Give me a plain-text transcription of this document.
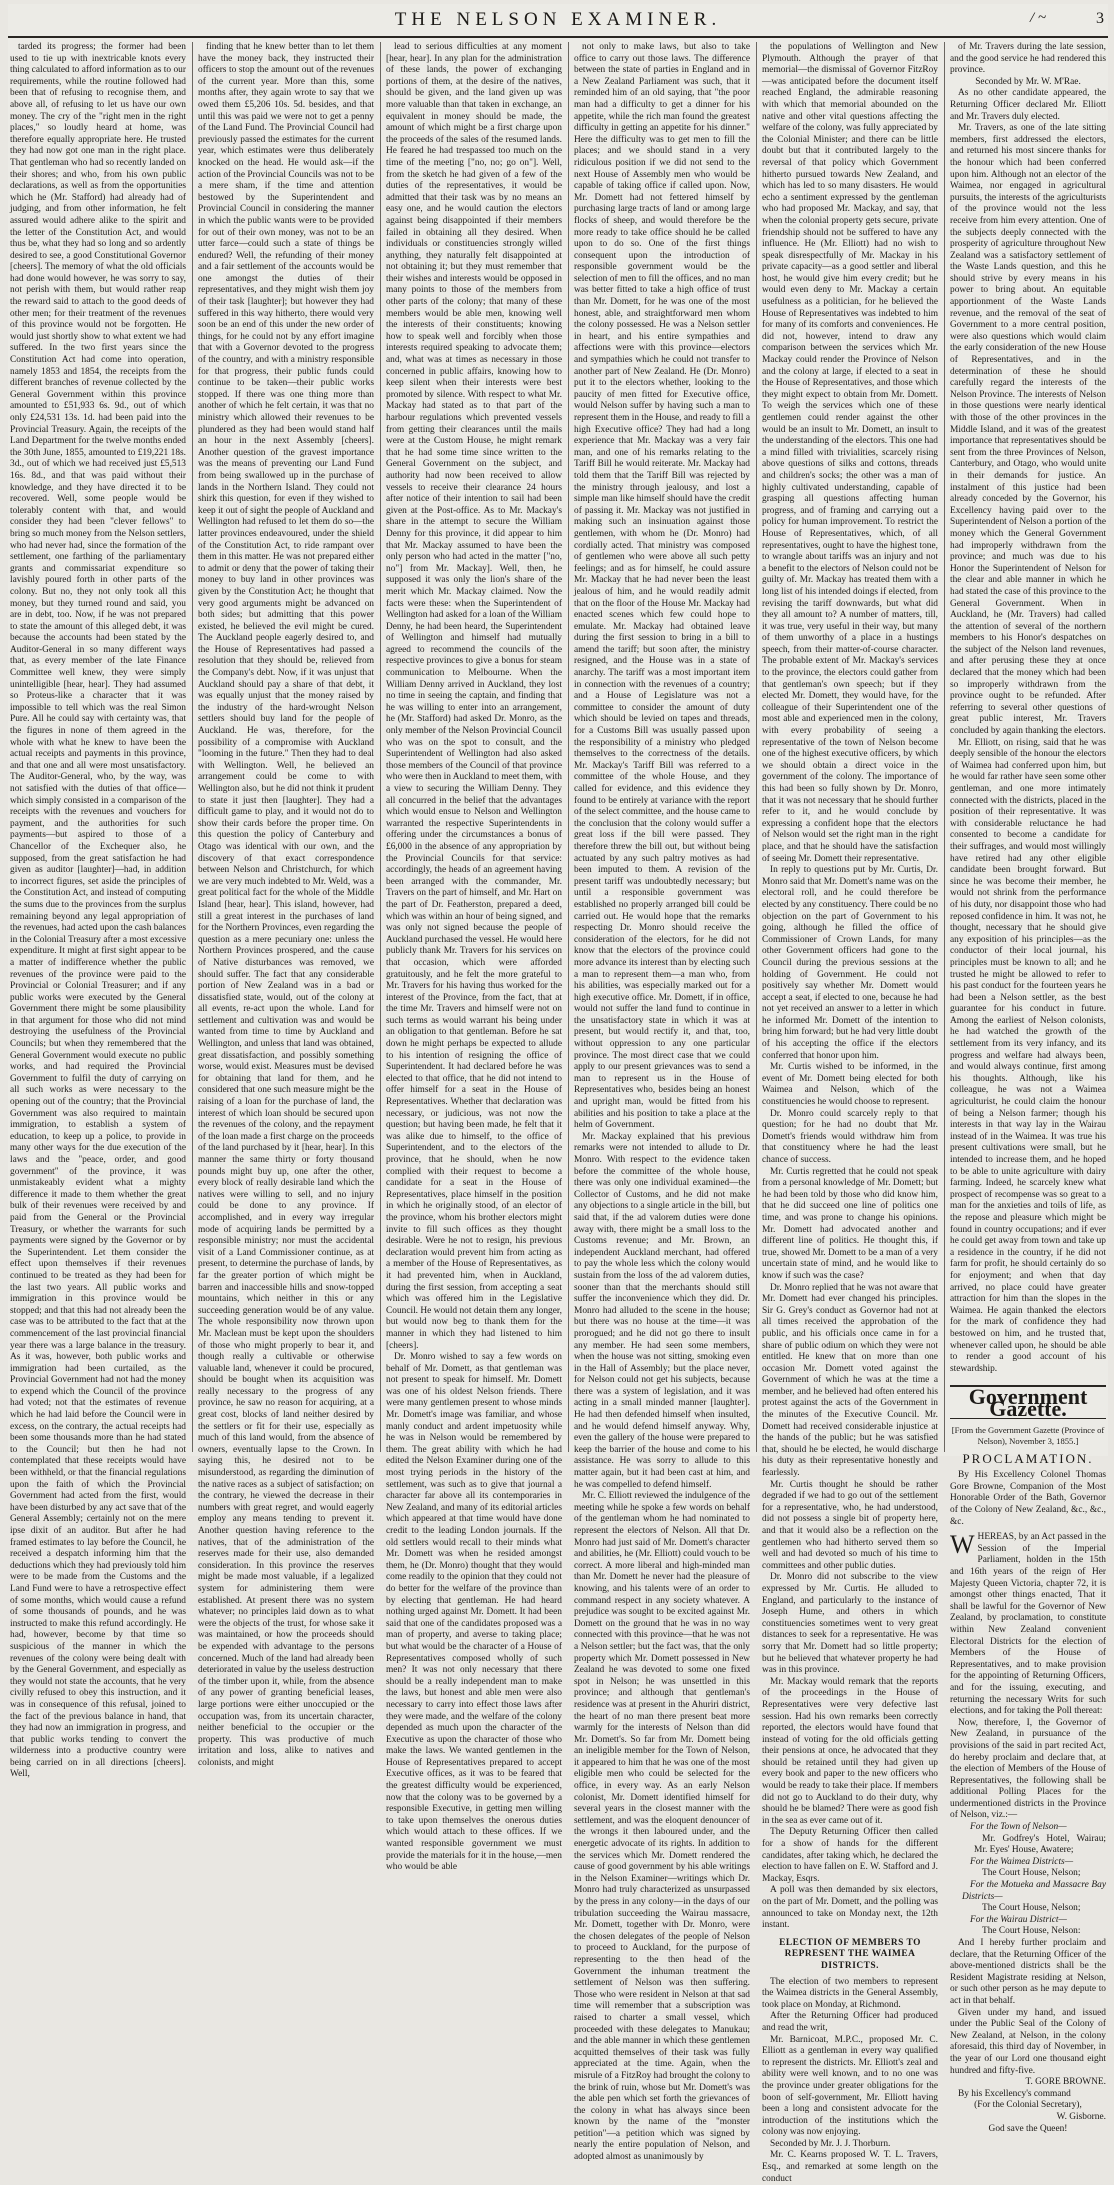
THE NELSON EXAMINER.	/ ~	3

tarded its progress; the former had been used to tie up with inextricable knots every thing calculated to afford information as to our requirements, while the routine followed had been that of refusing to recognise them, and above all, of refusing to let us have our own money. The cry of the "right men in the right places," so loudly heard at home, was therefore equally appropriate here. He trusted they had now got one man in the right place. That gentleman who had so recently landed on their shores; and who, from his own public declarations, as well as from the opportunities which he (Mr. Stafford) had already had of judging, and from other information, he felt assured would adhere alike to the spirit and the letter of the Constitution Act, and would thus be, what they had so long and so ardently desired to see, a good Constitutional Governor [cheers]. The memory of what the old officials had done would however, he was sorry to say, not perish with them, but would rather reap the reward said to attach to the good deeds of other men; for their treatment of the revenues of this province would not be forgotten. He would just shortly show to what extent we had suffered. In the two first years since the Constitution Act had come into operation, namely 1853 and 1854, the receipts from the different branches of revenue collected by the General Government within this province amounted to £51,933 6s. 9d., out of which only £24,531 13s. 1d. had been paid into the Provincial Treasury. Again, the receipts of the Land Department for the twelve months ended the 30th June, 1855, amounted to £19,221 18s. 3d., out of which we had received just £5,513 16s. 8d., and that was paid without their knowledge, and they have directed it to be recovered. Well, some people would be tolerably content with that, and would consider they had been "clever fellows" to bring so much money from the Nelson settlers, who had never had, since the formation of the settlement, one farthing of the parliamentary grants and commissariat expenditure so lavishly poured forth in other parts of the colony. But no, they not only took all this money, but they turned round and said, you are in debt, too. Now, if he was not prepared to state the amount of this alleged debt, it was because the accounts had been stated by the Auditor-General in so many different ways that, as every member of the late Finance Committee well knew, they were simply unintelligible [hear, hear]. They had assumed so Proteus-like a character that it was impossible to tell which was the real Simon Pure. All he could say with certainty was, that the figures in none of them agreed in the whole with what he knew to have been the actual receipts and payments in this province, and that one and all were most unsatisfactory. The Auditor-General, who, by the way, was not satisfied with the duties of that office—which simply consisted in a comparison of the receipts with the revenues and vouchers for payment, and the authorities for such payments—but aspired to those of a Chancellor of the Exchequer also, he supposed, from the great satisfaction he had given as auditor [laughter]—had, in addition to incorrect figures, set aside the principles of the Constitution Act, and instead of computing the sums due to the provinces from the surplus remaining beyond any legal appropriation of the revenues, had acted upon the cash balances in the Colonial Treasury after a most excessive expenditure. It might at first sight appear to be a matter of indifference whether the public revenues of the province were paid to the Provincial or Colonial Treasurer; and if any public works were executed by the General Government there might be some plausibility in that argument for those who did not mind destroying the usefulness of the Provincial Councils; but when they remembered that the General Government would execute no public works, and had required the Provincial Government to fulfil the duty of carrying on all such works as were necessary to the opening out of the country; that the Provincial Government was also required to maintain immigration, to establish a system of education, to keep up a police, to provide in many other ways for the due execution of the laws and the "peace, order, and good government" of the province, it was unmistakeably evident what a mighty difference it made to them whether the great bulk of their revenues were received by and paid from the General or the Provincial Treasury, or whether the warrants for such payments were signed by the Governor or by the Superintendent. Let them consider the effect upon themselves if their revenues continued to be treated as they had been for the last two years. All public works and immigration in this province would be stopped; and that this had not already been the case was to be attributed to the fact that at the commencement of the last provincial financial year there was a large balance in the treasury. As it was, however, both public works and immigration had been curtailed, as the Provincial Government had not had the money to expend which the Council of the province had voted; not that the estimates of revenue which he had laid before the Council were in excess, on the contrary, the actual receipts had been some thousands more than he had stated to the Council; but then he had not contemplated that these receipts would have been withheld, or that the financial regulations upon the faith of which the Provincial Government had acted from the first, would have been disturbed by any act save that of the General Assembly; certainly not on the mere ipse dixit of an auditor. But after he had framed estimates to lay before the Council, he received a despatch informing him that the deductions which they had previously told him were to be made from the Customs and the Land Fund were to have a retrospective effect of some months, which would cause a refund of some thousands of pounds, and he was instructed to make this refund accordingly. He had, however, become by that time so suspicious of the manner in which the revenues of the colony were being dealt with by the General Government, and especially as they would not state the accounts, that he very civilly refused to obey this instruction, and it was in consequence of this refusal, joined to the fact of the previous balance in hand, that they had now an immigration in progress, and that public works tending to convert the wilderness into a productive country were being carried on in all directions [cheers]. Well,

finding that he knew better than to let them have the money back, they instructed their officers to stop the amount out of the revenues of the current year. More than this, some months after, they again wrote to say that we owed them £5,206 10s. 5d. besides, and that until this was paid we were not to get a penny of the Land Fund. The Provincial Council had previously passed the estimates for the current year, which estimates were thus deliberately knocked on the head. He would ask—if the action of the Provincial Councils was not to be a mere sham, if the time and attention bestowed by the Superintendent and Provincial Council in considering the manner in which the public wants were to be provided for out of their own money, was not to be an utter farce—could such a state of things be endured? Well, the refunding of their money and a fair settlement of the accounts would be one amongst the duties of their representatives, and they might wish them joy of their task [laughter]; but however they had suffered in this way hitherto, there would very soon be an end of this under the new order of things, for he could not by any effort imagine that with a Governor devoted to the progress of the country, and with a ministry responsible for that progress, their public funds could continue to be taken—their public works stopped. If there was one thing more than another of which he felt certain, it was that no ministry which allowed their revenues to be plundered as they had been would stand half an hour in the next Assembly [cheers]. Another question of the gravest importance was the means of preventing our Land Fund from being swallowed up in the purchase of lands in the Northern Island. They could not shirk this question, for even if they wished to keep it out of sight the people of Auckland and Wellington had refused to let them do so—the latter provinces endeavoured, under the shield of the Constitution Act, to ride rampant over them in this matter. He was not prepared either to admit or deny that the power of taking their money to buy land in other provinces was given by the Constitution Act; he thought that very good arguments might be advanced on both sides; but admitting that this power existed, he believed the evil might be cured. The Auckland people eagerly desired to, and the House of Representatives had passed a resolution that they should be, relieved from the Company's debt. Now, if it was unjust that Auckland should pay a share of that debt, it was equally unjust that the money raised by the industry of the hard-wrought Nelson settlers should buy land for the people of Auckland. He was, therefore, for the possibility of a compromise with Auckland "looming in the future." Then they had to deal with Wellington. Well, he believed an arrangement could be come to with Wellington also, but he did not think it prudent to state it just then [laughter]. They had a difficult game to play, and it would not do to show their cards before the proper time. On this question the policy of Canterbury and Otago was identical with our own, and the discovery of that exact correspondence between Nelson and Christchurch, for which we are very much indebted to Mr. Weld, was a great political fact for the whole of the Middle Island [hear, hear]. This island, however, had still a great interest in the purchases of land for the Northern Provinces, even regarding the question as a mere pecuniary one: unless the Northern Provinces prospered, and the cause of Native disturbances was removed, we should suffer. The fact that any considerable portion of New Zealand was in a bad or dissatisfied state, would, out of the colony at all events, re-act upon the whole. Land for settlement and cultivation was and would be wanted from time to time by Auckland and Wellington, and unless that land was obtained, great dissatisfaction, and possibly something worse, would exist. Measures must be devised for obtaining that land for them, and he considered that one such measure might be the raising of a loan for the purchase of land, the interest of which loan should be secured upon the revenues of the colony, and the repayment of the loan made a first charge on the proceeds of the land purchased by it [hear, hear]. In this manner the same thirty or forty thousand pounds might buy up, one after the other, every block of really desirable land which the natives were willing to sell, and no injury could be done to any province. If accomplished, and in every way irregular mode of acquiring lands be permitted by a responsible ministry; nor must the accidental visit of a Land Commissioner continue, as at present, to determine the purchase of lands, by far the greater portion of which might be barren and inaccessible hills and snow-topped mountains, which neither in this or any succeeding generation would be of any value. The whole responsibility now thrown upon Mr. Maclean must be kept upon the shoulders of those who might properly to bear it, and though really a cultivable or otherwise valuable land, whenever it could be procured, should be bought when its acquisition was really necessary to the progress of any province, he saw no reason for acquiring, at a great cost, blocks of land neither desired by the settlers or fit for their use, especially as much of this land would, from the absence of owners, eventually lapse to the Crown. In saying this, he desired not to be misunderstood, as regarding the diminution of the native races as a subject of satisfaction; on the contrary, he viewed the decrease in their numbers with great regret, and would eagerly employ any means tending to prevent it. Another question having reference to the natives, that of the administration of the reserves made for their use, also demanded consideration. In this province the reserves might be made most valuable, if a legalized system for administering them were established. At present there was no system whatever; no principles laid down as to what were the objects of the trust, for whose sake it was maintained, or how the proceeds should be expended with advantage to the persons concerned. Much of the land had already been deteriorated in value by the useless destruction of the timber upon it, while, from the absence of any power of granting beneficial leases, large portions were either unoccupied or the occupation was, from its uncertain character, neither beneficial to the occupier or the property. This was productive of much irritation and loss, alike to natives and colonists, and might

lead to serious difficulties at any moment [hear, hear]. In any plan for the administration of these lands, the power of exchanging portions of them, at the desire of the natives, should be given, and the land given up was more valuable than that taken in exchange, an equivalent in money should be made, the amount of which might be a first charge upon the proceeds of the sales of the resumed lands. He feared he had trespassed too much on the time of the meeting ["no, no; go on"]. Well, from the sketch he had given of a few of the duties of the representatives, it would be admitted that their task was by no means an easy one, and he would caution the electors against being disappointed if their members failed in obtaining all they desired. When individuals or constituencies strongly willed anything, they naturally felt disappointed at not obtaining it; but they must remember that their wishes and interests would be opposed in many points to those of the members from other parts of the colony; that many of these members would be able men, knowing well the interests of their constituents; knowing how to speak well and forcibly when those interests required speaking to advocate them; and, what was at times as necessary in those concerned in public affairs, knowing how to keep silent when their interests were best promoted by silence. With respect to what Mr. Mackay had stated as to that part of the harbour regulations which prevented vessels from getting their clearances until the mails were at the Custom House, he might remark that he had some time since written to the General Government on the subject, and authority had now been received to allow vessels to receive their clearance 24 hours after notice of their intention to sail had been given at the Post-office. As to Mr. Mackay's share in the attempt to secure the William Denny for this province, it did appear to him that Mr. Mackay assumed to have been the only person who had acted in the matter ["no, no"] from Mr. Mackay]. Well, then, he supposed it was only the lion's share of the merit which Mr. Mackay claimed. Now the facts were these: when the Superintendent of Wellington had asked for a loan of the William Denny, he had been heard, the Superintendent of Wellington and himself had mutually agreed to recommend the councils of the respective provinces to give a bonus for steam communication to Melbourne. When the William Denny arrived in Auckland, they lost no time in seeing the captain, and finding that he was willing to enter into an arrangement, he (Mr. Stafford) had asked Dr. Monro, as the only member of the Nelson Provincial Council who was on the spot to consult, and the Superintendent of Wellington had also asked those members of the Council of that province who were then in Auckland to meet them, with a view to securing the William Denny. They all concurred in the belief that the advantages which would ensue to Nelson and Wellington warranted the respective Superintendents in offering under the circumstances a bonus of £6,000 in the absence of any appropriation by the Provincial Councils for that service: accordingly, the heads of an agreement having been arranged with the commander, Mr. Travers on the part of himself, and Mr. Hart on the part of Dr. Featherston, prepared a deed, which was within an hour of being signed, and was only not signed because the people of Auckland purchased the vessel. He would here publicly thank Mr. Travers for his services on that occasion, which were afforded gratuitously, and he felt the more grateful to Mr. Travers for his having thus worked for the interest of the Province, from the fact, that at the time Mr. Travers and himself were not on such terms as would warrant his being under an obligation to that gentleman. Before he sat down he might perhaps be expected to allude to his intention of resigning the office of Superintendent. It had declared before he was elected to that office, that he did not intend to offer himself for a seat in the House of Representatives. Whether that declaration was necessary, or judicious, was not now the question; but having been made, he felt that it was alike due to himself, to the office of Superintendent, and to the electors of the province, that he should, when he now complied with their request to become a candidate for a seat in the House of Representatives, place himself in the position in which he originally stood, of an elector of the province, whom his brother electors might invite to fill such offices as they thought desirable. Were he not to resign, his previous declaration would prevent him from acting as a member of the House of Representatives, as it had prevented him, when in Auckland, during the first session, from accepting a seat which was offered him in the Legislative Council. He would not detain them any longer, but would now beg to thank them for the manner in which they had listened to him [cheers].

Dr. Monro wished to say a few words on behalf of Mr. Domett, as that gentleman was not present to speak for himself. Mr. Domett was one of his oldest Nelson friends. There were many gentlemen present to whose minds Mr. Domett's image was familiar, and whose manly conduct and ardent impetuosity while he was in Nelson would be remembered by them. The great ability with which he had edited the Nelson Examiner during one of the most trying periods in the history of the settlement, was such as to give that journal a character far above all its contemporaries in New Zealand, and many of its editorial articles which appeared at that time would have done credit to the leading London journals. If the old settlers would recall to their minds what Mr. Domett was when he resided amongst them, he (Dr. Monro) thought that they would come readily to the opinion that they could not do better for the welfare of the province than by electing that gentleman. He had heard nothing urged against Mr. Domett. It had been said that one of the candidates proposed was a man of property, and averse to taking place; but what would be the character of a House of Representatives composed wholly of such men? It was not only necessary that there should be a really independent man to make the laws, but honest and able men were also necessary to carry into effect those laws after they were made, and the welfare of the colony depended as much upon the character of the Executive as upon the character of those who make the laws. We wanted gentlemen in the House of Representatives prepared to accept Executive offices, as it was to be feared that the greatest difficulty would be experienced, now that the colony was to be governed by a responsible Executive, in getting men willing to take upon themselves the onerous duties which would attach to these offices. If we wanted responsible government we must provide the materials for it in the house,—men who would be able

not only to make laws, but also to take office to carry out those laws. The difference between the state of parties in England and in a New Zealand Parliament was such, that it reminded him of an old saying, that "the poor man had a difficulty to get a dinner for his appetite, while the rich man found the greatest difficulty in getting an appetite for his dinner." Here the difficulty was to get men to fill the places; and we should stand in a very ridiculous position if we did not send to the next House of Assembly men who would be capable of taking office if called upon. Now, Mr. Domett had not fettered himself by purchasing large tracts of land or among large flocks of sheep, and would therefore be the more ready to take office should he be called upon to do so. One of the first things consequent upon the introduction of responsible government would be the selection of men to fill the offices, and no man was better fitted to take a high office of trust than Mr. Domett, for he was one of the most honest, able, and straightforward men whom the colony possessed. He was a Nelson settler in heart, and his entire sympathies and affections were with this province—electors and sympathies which he could not transfer to another part of New Zealand. He (Dr. Monro) put it to the electors whether, looking to the paucity of men fitted for Executive office, would Nelson suffer by having such a man to represent them in the House, and ready to fill a high Executive office? They had had a long experience that Mr. Mackay was a very fair man, and one of his remarks relating to the Tariff Bill he would reiterate. Mr. Mackay had told them that the Tariff Bill was rejected by the ministry through jealousy, and lost a simple man like himself should have the credit of passing it. Mr. Mackay was not justified in making such an insinuation against those gentlemen, with whom he (Dr. Monro) had cordially acted. That ministry was composed of gentlemen who were above all such petty feelings; and as for himself, he could assure Mr. Mackay that he had never been the least jealous of him, and he would readily admit that on the floor of the House Mr. Mackay had enacted scenes which few could hope to emulate. Mr. Mackay had obtained leave during the first session to bring in a bill to amend the tariff; but soon after, the ministry resigned, and the House was in a state of anarchy. The tariff was a most important item in connection with the revenues of a country; and a House of Legislature was not a committee to consider the amount of duty which should be levied on tapes and threads, for a Customs Bill was usually passed upon the responsibility of a ministry who pledged themselves to the correctness of the details. Mr. Mackay's Tariff Bill was referred to a committee of the whole House, and they called for evidence, and this evidence they found to be entirely at variance with the report of the select committee, and the house came to the conclusion that the colony would suffer a great loss if the bill were passed. They therefore threw the bill out, but without being actuated by any such paltry motives as had been imputed to them. A revision of the present tariff was undoubtedly necessary; but until a responsible government was established no properly arranged bill could be carried out. He would hope that the remarks respecting Dr. Monro should receive the consideration of the electors, for he did not know that the electors of the province could more advance its interest than by electing such a man to represent them—a man who, from his abilities, was especially marked out for a high executive office. Mr. Domett, if in office, would not suffer the land fund to continue in the unsatisfactory state in which it was at present, but would rectify it, and that, too, without oppression to any one particular province. The most direct case that we could apply to our present grievances was to send a man to represent us in the House of Representatives who, besides being an honest and upright man, would be fitted from his abilities and his position to take a place at the helm of Government.

Mr. Mackay explained that his previous remarks were not intended to allude to Dr. Monro. With respect to the evidence taken before the committee of the whole house, there was only one individual examined—the Collector of Customs, and he did not make any objections to a single article in the bill, but said that, if the ad valorem duties were done away with, there might be a small loss to the Customs revenue; and Mr. Brown, an independent Auckland merchant, had offered to pay the whole less which the colony would sustain from the loss of the ad valorem duties, sooner than that the merchants should still suffer the inconvenience which they did. Dr. Monro had alluded to the scene in the house; but there was no house at the time—it was prorogued; and he did not go there to insult any member. He had seen some members, when the house was not sitting, smoking even in the Hall of Assembly; but the place never, for Nelson could not get his subjects, because there was a system of legislation, and it was acting in a small minded manner [laughter]. He had then defended himself when insulted, and he would defend himself anyway. Why, even the gallery of the house were prepared to keep the barrier of the house and come to his assistance. He was sorry to allude to this matter again, but it had been cast at him, and he was compelled to defend himself.

Mr. C. Elliott reviewed the indulgence of the meeting while he spoke a few words on behalf of the gentleman whom he had nominated to represent the electors of Nelson. All that Dr. Monro had just said of Mr. Domett's character and abilities, he (Mr. Elliott) could vouch to be correct. A more liberal and high-minded man than Mr. Domett he never had the pleasure of knowing, and his talents were of an order to command respect in any society whatever. A prejudice was sought to be excited against Mr. Domett on the ground that he was in no way connected with this province—that he was not a Nelson settler; but the fact was, that the only property which Mr. Domett possessed in New Zealand he was devoted to some one fixed spot in Nelson; he was unsettled in this province; and although that gentleman's residence was at present in the Ahuriri district, the heart of no man there present beat more warmly for the interests of Nelson than did Mr. Domett's. So far from Mr. Domett being an ineligible member for the Town of Nelson, it appeared to him that he was one of the most eligible men who could be selected for the office, in every way. As an early Nelson colonist, Mr. Domett identified himself for several years in the closest manner with the settlement, and was the eloquent denouncer of the wrongs it then laboured under, and the energetic advocate of its rights. In addition to the services which Mr. Domett rendered the cause of good government by his able writings in the Nelson Examiner—writings which Dr. Monro had truly characterized as unsurpassed by the press in any colony—in the days of our tribulation succeeding the Wairau massacre, Mr. Domett, together with Dr. Monro, were the chosen delegates of the people of Nelson to proceed to Auckland, for the purpose of representing to the then head of the Government the inhuman treatment the settlement of Nelson was then suffering. Those who were resident in Nelson at that sad time will remember that a subscription was raised to charter a small vessel, which proceeded with these delegates to Manukau; and the able manner in which these gentlemen acquitted themselves of their task was fully appreciated at the time. Again, when the misrule of a FitzRoy had brought the colony to the brink of ruin, whose but Mr. Domett's was the able pen which set forth the grievances of the colony in what has always since been known by the name of the "monster petition"—a petition which was signed by nearly the entire population of Nelson, and adopted almost as unanimously by

the populations of Wellington and New Plymouth. Although the prayer of that memorial—the dismissal of Governor FitzRoy—was anticipated before the document itself reached England, the admirable reasoning with which that memorial abounded on the native and other vital questions affecting the welfare of the colony, was fully appreciated by the Colonial Minister; and there can be little doubt but that it contributed largely to the reversal of that policy which Government hitherto pursued towards New Zealand, and which has led to so many disasters. He would echo a sentiment expressed by the gentleman who had proposed Mr. Mackay, and say, that when the colonial property gets secure, private friendship should not be suffered to have any influence. He (Mr. Elliott) had no wish to speak disrespectfully of Mr. Mackay in his private capacity—as a good settler and liberal host, he would give him every credit; but he would even deny to Mr. Mackay a certain usefulness as a politician, for he believed the House of Representatives was indebted to him for many of its comforts and conveniences. He did not, however, intend to draw any comparison between the services which Mr. Mackay could render the Province of Nelson and the colony at large, if elected to a seat in the House of Representatives, and those which they might expect to obtain from Mr. Domett. To weigh the services which one of these gentlemen could render against the other would be an insult to Mr. Domett, an insult to the understanding of the electors. This one had a mind filled with trivialities, scarcely rising above questions of silks and cottons, threads and children's socks; the other was a man of highly cultivated understanding, capable of grasping all questions affecting human progress, and of framing and carrying out a policy for human improvement. To restrict the House of Representatives, which, of all representatives, ought to have the highest tone, to wrangle about tariffs was an injury and not a benefit to the electors of Nelson could not be guilty of. Mr. Mackay has treated them with a long list of his intended doings if elected, from revising the tariff downwards, but what did they all amount to? A number of matters, till, it was true, very useful in their way, but many of them unworthy of a place in a hustings speech, from their matter-of-course character. The probable extent of Mr. Mackay's services to the province, the electors could gather from that gentleman's own speech; but if they elected Mr. Domett, they would have, for the colleague of their Superintendent one of the most able and experienced men in the colony, with every probability of seeing a representative of the town of Nelson become one of the highest executive officers, by which we should obtain a direct voice in the government of the colony. The importance of this had been so fully shown by Dr. Monro, that it was not necessary that he should further refer to it, and he would conclude by expressing a confident hope that the electors of Nelson would set the right man in the right place, and that he should have the satisfaction of seeing Mr. Domett their representative.

In reply to questions put by Mr. Curtis, Dr. Monro said that Mr. Domett's name was on the electoral roll, and he could therefore be elected by any constituency. There could be no objection on the part of Government to his going, although he filled the office of Commissioner of Crown Lands, for many other Government officers had gone to the Council during the previous sessions at the holding of Government. He could not positively say whether Mr. Domett would accept a seat, if elected to one, because he had not yet received an answer to a letter in which he informed Mr. Domett of the intention to bring him forward; but he had very little doubt of his accepting the office if the electors conferred that honor upon him.

Mr. Curtis wished to be informed, in the event of Mr. Domett being elected for both Waimea and Nelson, which of the constituencies he would choose to represent.

Dr. Monro could scarcely reply to that question; for he had no doubt that Mr. Domett's friends would withdraw him from that constituency where he had the least chance of success.

Mr. Curtis regretted that he could not speak from a personal knowledge of Mr. Domett; but he had been told by those who did know him, that he did succeed one line of politics one time, and was prone to change his opinions. Mr. Domett had advocated another and different line of politics. He thought this, if true, showed Mr. Domett to be a man of a very uncertain state of mind, and he would like to know if such was the case?

Dr. Monro replied that he was not aware that Mr. Domett had ever changed his principles. Sir G. Grey's conduct as Governor had not at all times received the approbation of the public, and his officials once came in for a share of public odium on which they were not entitled. He knew that on more than one occasion Mr. Domett voted against the Government of which he was at the time a member, and he believed had often entered his protest against the acts of the Government in the minutes of the Executive Council. Mr. Domett had received considerable injustice at the hands of the public; but he was satisfied that, should he be elected, he would discharge his duty as their representative honestly and fearlessly.

Mr. Curtis thought he should be rather degraded if we had to go out of the settlement for a representative, who, he had understood, did not possess a single bit of property here, and that it would also be a reflection on the gentlemen who had hitherto served them so well and had devoted so much of his time to committees and other public duties.

Dr. Monro did not subscribe to the view expressed by Mr. Curtis. He alluded to England, and particularly to the instance of Joseph Hume, and others in which constituencies sometimes went to very great distances to seek for a representative. He was sorry that Mr. Domett had so little property; but he believed that whatever property he had was in this province.

Mr. Mackay would remark that the reports of the proceedings in the House of Representatives were very defective last session. Had his own remarks been correctly reported, the electors would have found that instead of voting for the old officials getting their pensions at once, he advocated that they should be retained until they had given up every book and paper to the new officers who would be ready to take their place. If members did not go to Auckland to do their duty, why should he be blamed? There were as good fish in the sea as ever came out of it.

The Deputy Returning Officer then called for a show of hands for the different candidates, after taking which, he declared the election to have fallen on E. W. Stafford and J. Mackay, Esqrs.

A poll was then demanded by six electors, on the part of Mr. Domett, and the polling was announced to take on Monday next, the 12th instant.

ELECTION OF MEMBERS TO REPRESENT THE WAIMEA DISTRICTS.

The election of two members to represent the Waimea districts in the General Assembly, took place on Monday, at Richmond.

After the Returning Officer had produced and read the writ,

Mr. Barnicoat, M.P.C., proposed Mr. C. Elliott as a gentleman in every way qualified to represent the districts. Mr. Elliott's zeal and ability were well known, and to no one was the province under greater obligations for the boon of self-government, Mr. Elliott having been a long and consistent advocate for the introduction of the institutions which the colony was now enjoying.

Seconded by Mr. J. J. Thorburn.

Mr. C. Kearns proposed W. T. L. Travers, Esq., and remarked at some length on the conduct

of Mr. Travers during the late session, and the good service he had rendered this province.

Seconded by Mr. W. M'Rae.

As no other candidate appeared, the Returning Officer declared Mr. Elliott and Mr. Travers duly elected.

Mr. Travers, as one of the late sitting members, first addressed the electors, and returned his most sincere thanks for the honour which had been conferred upon him. Although not an elector of the Waimea, nor engaged in agricultural pursuits, the interests of the agriculturists of the province would not the less receive from him every attention. One of the subjects deeply connected with the prosperity of agriculture throughout New Zealand was a satisfactory settlement of the Waste Lands question, and this he should strive by every means in his power to bring about. An equitable apportionment of the Waste Lands revenue, and the removal of the seat of Government to a more central position, were also questions which would claim the early consideration of the new House of Representatives, and in the determination of these he should carefully regard the interests of the Nelson Province. The interests of Nelson in those questions were nearly identical with those of the other provinces in the Middle Island, and it was of the greatest importance that representatives should be sent from the three Provinces of Nelson, Canterbury, and Otago, who would unite in their demands for justice. An instalment of this justice had been already conceded by the Governor, his Excellency having paid over to the Superintendent of Nelson a portion of the money which the General Government had improperly withdrawn from the province; and much was due to his Honor the Superintendent of Nelson for the clear and able manner in which he had stated the case of this province to the General Government. When in Auckland, he (Mr. Travers) had called the attention of several of the northern members to his Honor's despatches on the subject of the Nelson land revenues, and after perusing these they at once declared that the money which had been so improperly withdrawn from the province ought to be refunded. After referring to several other questions of great public interest, Mr. Travers concluded by again thanking the electors.

Mr. Elliott, on rising, said that he was deeply sensible of the honour the electors of Waimea had conferred upon him, but he would far rather have seen some other gentleman, and one more intimately connected with the districts, placed in the position of their representative. It was with considerable reluctance he had consented to become a candidate for their suffrages, and would most willingly have retired had any other eligible candidate been brought forward. But since he was become their member, he would not shrink from the performance of his duty, nor disappoint those who had reposed confidence in him. It was not, he thought, necessary that he should give any exposition of his principles—as the conductor of their local journal, his principles must be known to all; and he trusted he might be allowed to refer to his past conduct for the fourteen years he had been a Nelson settler, as the best guarantee for his conduct in future. Among the earliest of Nelson colonists, he had watched the growth of the settlement from its very infancy, and its progress and welfare had always been, and would always continue, first among his thoughts. Although, like his colleague, he was not a Waimea agriculturist, he could claim the honour of being a Nelson farmer; though his interests in that way lay in the Wairau instead of in the Waimea. It was true his present cultivations were small, but he intended to increase them, and he hoped to be able to unite agriculture with dairy farming. Indeed, he scarcely knew what prospect of recompense was so great to a man for the anxieties and toils of life, as the repose and pleasure which might be found in country occupations; and if ever he could get away from town and take up a residence in the country, if he did not farm for profit, he should certainly do so for enjoyment; and when that day arrived, no place could have greater attraction for him than the slopes in the Waimea. He again thanked the electors for the mark of confidence they had bestowed on him, and he trusted that, whenever called upon, he should be able to render a good account of his stewardship.

Government Gazette.

[From the Government Gazette (Province of Nelson), November 3, 1855.]

PROCLAMATION.

By His Excellency Colonel Thomas Gore Browne, Companion of the Most Honorable Order of the Bath, Governor of the Colony of New Zealand, &c., &c., &c.

WHEREAS, by an Act passed in the Session of the Imperial Parliament, holden in the 15th and 16th years of the reign of Her Majesty Queen Victoria, chapter 72, it is amongst other things enacted, That it shall be lawful for the Governor of New Zealand, by proclamation, to constitute within New Zealand convenient Electoral Districts for the election of Members of the House of Representatives, and to make provision for the appointing of Returning Officers, and for the issuing, executing, and returning the necessary Writs for such elections, and for taking the Poll thereat:

Now, therefore, I, the Governor of New Zealand, in pursuance of the provisions of the said in part recited Act, do hereby proclaim and declare that, at the election of Members of the House of Representatives, the following shall be additional Polling Places for the undermentioned districts in the Province of Nelson, viz.:—

For the Town of Nelson—

Mr. Godfrey's Hotel, Wairau; Mr. Eyes' House, Awatere;

For the Waimea Districts—

The Court House, Nelson;

For the Motueka and Massacre Bay Districts—

The Court House, Nelson;

For the Wairau District—

The Court House, Nelson:

And I hereby further proclaim and declare, that the Returning Officer of the above-mentioned districts shall be the Resident Magistrate residing at Nelson, or such other person as he may depute to act in that behalf.

Given under my hand, and issued under the Public Seal of the Colony of New Zealand, at Nelson, in the colony aforesaid, this third day of November, in the year of our Lord one thousand eight hundred and fifty-five.

T. GORE BROWNE.

By his Excellency's command

(For the Colonial Secretary),

W. Gisborne.

God save the Queen!
